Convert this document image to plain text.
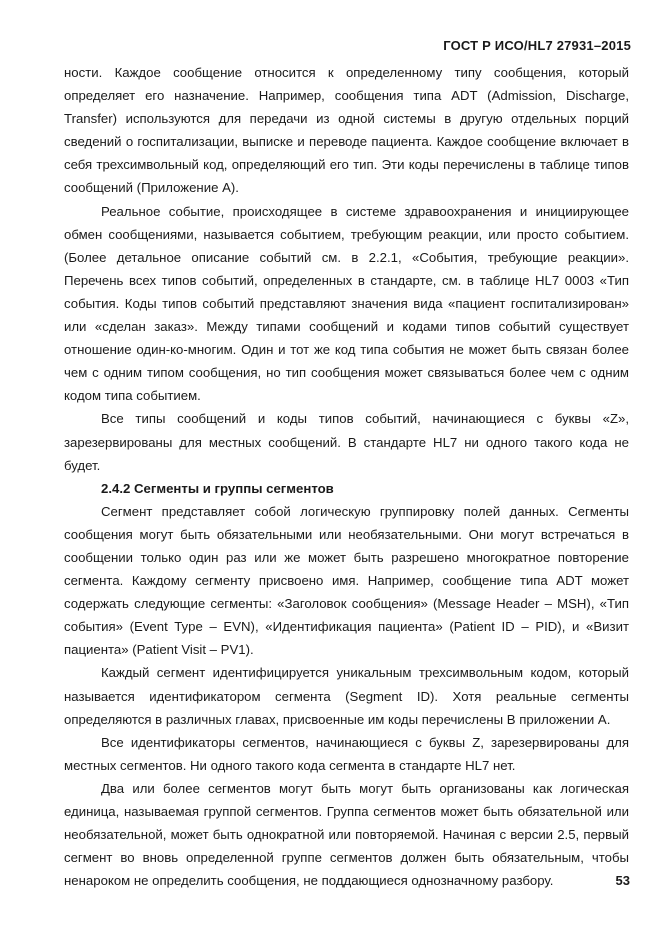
ГОСТ Р ИСО/HL7 27931–2015

ности. Каждое сообщение относится к определенному типу сообщения, который определяет его назначение. Например, сообщения типа ADT (Admission, Discharge, Transfer) используются для передачи из одной системы в другую отдельных порций сведений о госпитализации, выписке и переводе пациента. Каждое сообщение включает в себя трехсимвольный код, определяющий его тип. Эти коды перечислены в таблице типов сообщений (Приложение А).

Реальное событие, происходящее в системе здравоохранения и инициирующее обмен сообщениями, называется событием, требующим реакции, или просто событием. (Более детальное описание событий см. в 2.2.1, «События, требующие реакции». Перечень всех типов событий, определенных в стандарте, см. в таблице HL7 0003 «Тип события. Коды типов событий представляют значения вида «пациент госпитализирован» или «сделан заказ». Между типами сообщений и кодами типов событий существует отношение один-ко-многим. Один и тот же код типа события не может быть связан более чем с одним типом сообщения, но тип сообщения может связываться более чем с одним кодом типа событием.

Все типы сообщений и коды типов событий, начинающиеся с буквы «Z», зарезервированы для местных сообщений. В стандарте HL7 ни одного такого кода не будет.

2.4.2 Сегменты и группы сегментов

Сегмент представляет собой логическую группировку полей данных. Сегменты сообщения могут быть обязательными или необязательными. Они могут встречаться в сообщении только один раз или же может быть разрешено многократное повторение сегмента. Каждому сегменту присвоено имя. Например, сообщение типа ADT может содержать следующие сегменты: «Заголовок сообщения» (Message Header – MSH), «Тип события» (Event Type – EVN), «Идентификация пациента» (Patient ID – PID), и «Визит пациента» (Patient Visit – PV1).

Каждый сегмент идентифицируется уникальным трехсимвольным кодом, который называется идентификатором сегмента (Segment ID). Хотя реальные сегменты определяются в различных главах, присвоенные им коды перечислены В приложении А.

Все идентификаторы сегментов, начинающиеся с буквы Z, зарезервированы для местных сегментов. Ни одного такого кода сегмента в стандарте HL7 нет.

Два или более сегментов могут быть могут быть организованы как логическая единица, называемая группой сегментов. Группа сегментов может быть обязательной или необязательной, может быть однократной или повторяемой. Начиная с версии 2.5, первый сегмент во вновь определенной группе сегментов должен быть обязательным, чтобы ненароком не определить сообщения, не поддающиеся однозначному разбору.	53
